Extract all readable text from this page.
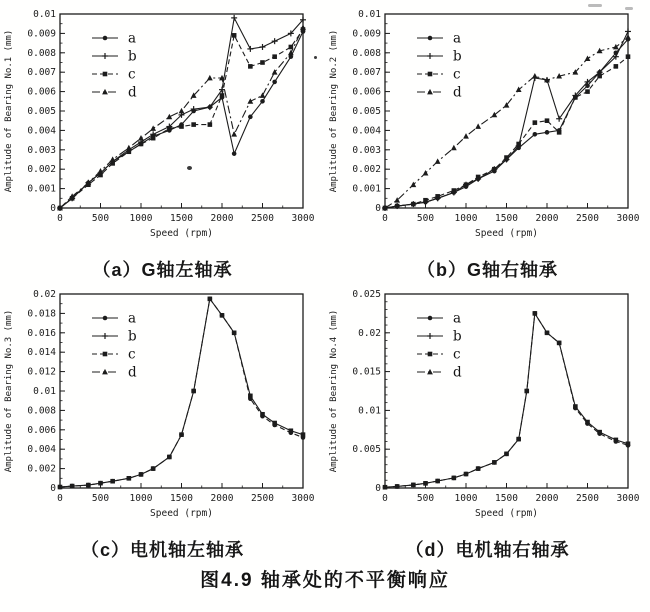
0
0.001
0.002
0.003
0.004
0.005
0.006
0.007
0.008
0.009
0.01
0	500 1000 1500 2000 2500 3000
Speed (rpm)
Amplitude of Bearing No.1 (mm)	a
b
c
d
（a）G轴左轴承
0
0.001
0.002
0.003
0.004
0.005
0.006
0.007
0.008
0.009
0.01
0	500 1000 1500 2000 2500 3000
Speed (rpm)
Amplitude of Bearing No.2 (mm)	a
b
c
d
（b）G轴右轴承
0
0.002
0.004
0.006
0.008
0.01
0.012
0.014
0.016
0.018
0.02
0	500 1000 1500 2000 2500 3000
Speed (rpm)
Amplitude of Bearing No.3 (mm)	a
b
c
d
（c）电机轴左轴承
0
0.005
0.01
0.015
0.02
0.025
0	500 1000 1500 2000 2500 3000
Speed (rpm)
Amplitude of Bearing No.4 (mm)	a
b
c
d
（d）电机轴右轴承
图4.9 轴承处的不平衡响应
